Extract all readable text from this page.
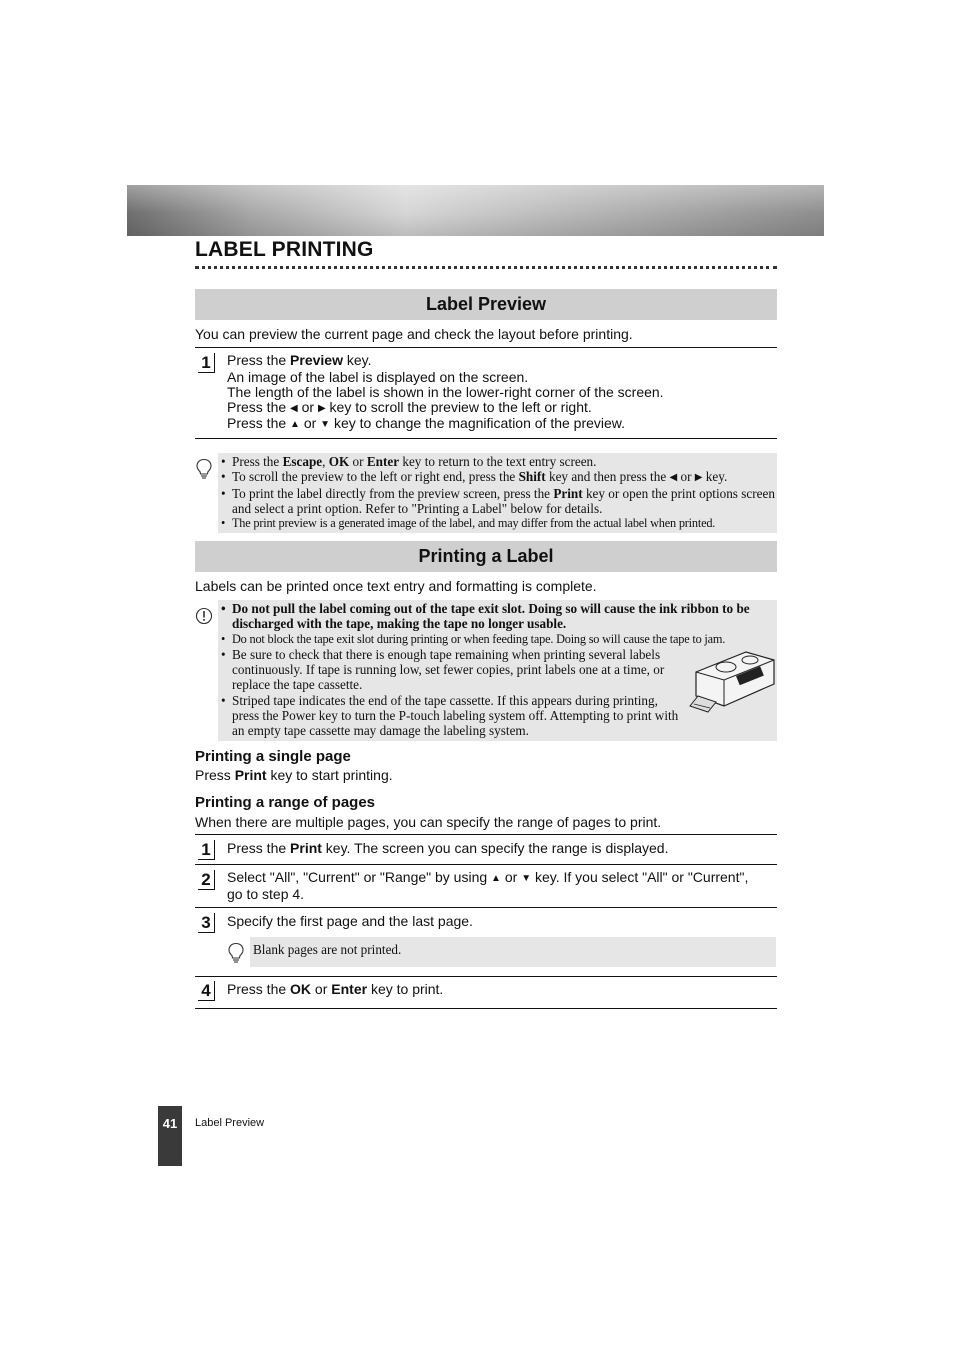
LABEL PRINTING
Label Preview
You can preview the current page and check the layout before printing.
1	Press the Preview key.
An image of the label is displayed on the screen.
The length of the label is shown in the lower-right corner of the screen.
Press the ◀ or ▶ key to scroll the preview to the left or right.
Press the ▲ or ▼ key to change the magnification of the preview.
• Press the Escape, OK or Enter key to return to the text entry screen.
• To scroll the preview to the left or right end, press the Shift key and then press the ◀ or ▶ key.
• To print the label directly from the preview screen, press the Print key or open the print options screen and select a print option. Refer to "Printing a Label" below for details.
• The print preview is a generated image of the label, and may differ from the actual label when printed.
Printing a Label
Labels can be printed once text entry and formatting is complete.
• Do not pull the label coming out of the tape exit slot. Doing so will cause the ink ribbon to be discharged with the tape, making the tape no longer usable.
• Do not block the tape exit slot during printing or when feeding tape. Doing so will cause the tape to jam.
• Be sure to check that there is enough tape remaining when printing several labels continuously. If tape is running low, set fewer copies, print labels one at a time, or replace the tape cassette.
• Striped tape indicates the end of the tape cassette. If this appears during printing, press the Power key to turn the P-touch labeling system off. Attempting to print with an empty tape cassette may damage the labeling system.
Printing a single page
Press Print key to start printing.
Printing a range of pages
When there are multiple pages, you can specify the range of pages to print.
1	Press the Print key. The screen you can specify the range is displayed.
2	Select "All", "Current" or "Range" by using ▲ or ▼ key. If you select "All" or "Current",
go to step 4.
3	Specify the first page and the last page.
Blank pages are not printed.
4	Press the OK or Enter key to print.
41	Label Preview
